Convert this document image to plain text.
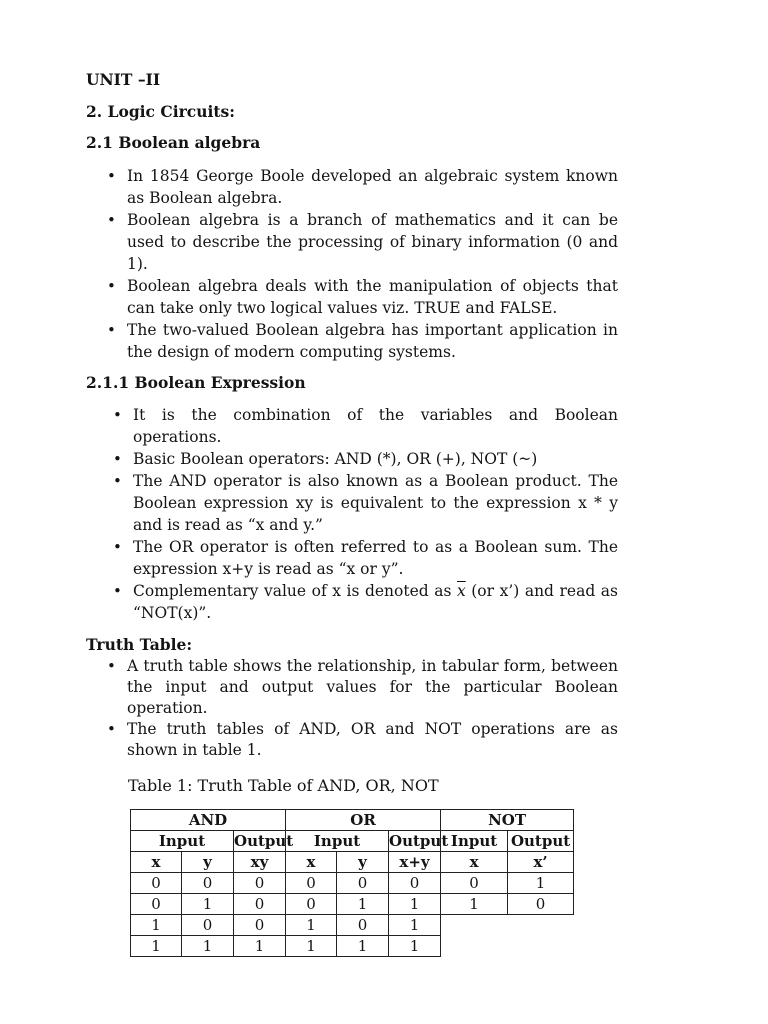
UNIT –II
2. Logic Circuits:
2.1 Boolean algebra
• In 1854 George Boole developed an algebraic system known as Boolean algebra.
• Boolean algebra is a branch of mathematics and it can be used to describe the processing of binary information (0 and 1).
• Boolean algebra deals with the manipulation of objects that can take only two logical values viz. TRUE and FALSE.
• The two-valued Boolean algebra has important application in the design of modern computing systems.
2.1.1 Boolean Expression
• It is the combination of the variables and Boolean operations.
• Basic Boolean operators: AND (*), OR (+), NOT (~)
• The AND operator is also known as a Boolean product. The Boolean expression xy is equivalent to the expression x * y and is read as “x and y.”
• The OR operator is often referred to as a Boolean sum. The expression x+y is read as “x or y”.
• Complementary value of x is denoted as $\overline{x}$ (or x’) and read as “NOT(x)”.
Truth Table:
• A truth table shows the relationship, in tabular form, between the input and output values for the particular Boolean operation.
• The truth tables of AND, OR and NOT operations are as shown in table 1.
Table 1: Truth Table of AND, OR, NOT
AND			OR			NOT	
Input		Output	Input		Output	Input	Output
x	y	xy	x	y	x+y	x	x’
0	0	0	0	0	0	0	1
0	1	0	0	1	1	1	0
1	0	0	1	0	1		
1	1	1	1	1	1		
